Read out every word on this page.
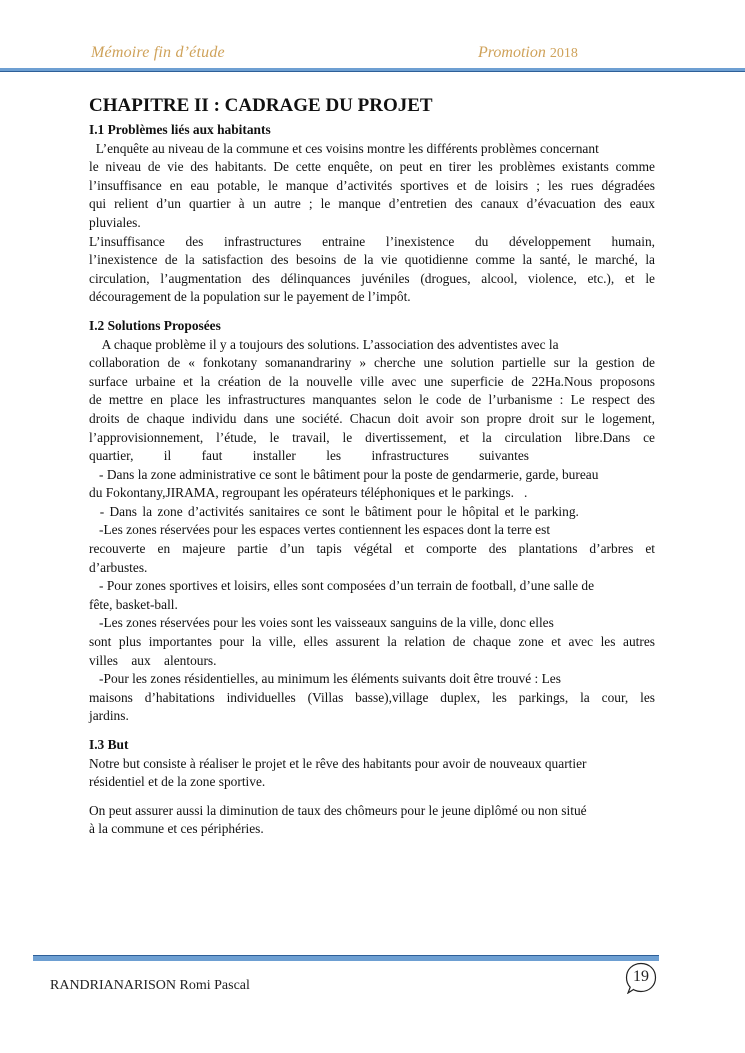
Mémoire fin d’étude	Promotion 2018
CHAPITRE II : CADRAGE DU PROJET
I.1 Problèmes liés aux habitants

L’enquête au niveau de la commune et ces voisins montre les différents problèmes concernant

le niveau de vie des habitants. De cette enquête, on peut en tirer les problèmes existants comme

l’insuffisance en eau potable, le manque d’activités sportives et de loisirs ; les rues dégradées

qui relient d’un quartier à un autre ; le manque d’entretien des canaux d’évacuation des eaux

pluviales.

L’insuffisance des infrastructures entraine l’inexistence du développement humain,

l’inexistence de la satisfaction des besoins de la vie quotidienne comme la santé, le marché, la

circulation, l’augmentation des délinquances juvéniles (drogues, alcool, violence, etc.), et le

découragement de la population sur le payement de l’impôt.

I.2 Solutions Proposées

A chaque problème il y a toujours des solutions. L’association des adventistes avec la

collaboration de « fonkotany somanandrariny » cherche une solution partielle sur la gestion de

surface urbaine et la création de la nouvelle ville avec une superficie de 22Ha.Nous proposons

de mettre en place les infrastructures manquantes selon le code de l’urbanisme : Le respect des

droits de chaque individu dans une société. Chacun doit avoir son propre droit sur le logement,

l’approvisionnement, l’étude, le travail, le divertissement, et la circulation libre.Dans ce

quartier, il faut installer les infrastructures suivantes

- Dans la zone administrative ce sont le bâtiment pour la poste de gendarmerie, garde, bureau

du Fokontany,JIRAMA, regroupant les opérateurs téléphoniques et le parkings.   .

- Dans la zone d’activités sanitaires ce sont le bâtiment pour le hôpital et le parking.

-Les zones réservées pour les espaces vertes contiennent les espaces dont la terre est

recouverte en majeure partie d’un tapis végétal et comporte des plantations d’arbres et

d’arbustes.

- Pour zones sportives et loisirs, elles sont composées d’un terrain de football, d’une salle de

fête, basket-ball.

-Les zones réservées pour les voies sont les vaisseaux sanguins de la ville, donc elles

sont plus importantes pour la ville, elles assurent la relation de chaque zone et avec les autres

villes aux alentours.

-Pour les zones résidentielles, au minimum les éléments suivants doit être trouvé : Les

maisons d’habitations individuelles (Villas basse),village duplex, les parkings, la cour, les

jardins.

I.3 But

Notre but consiste à réaliser le projet et le rêve des habitants pour avoir de nouveaux quartier

résidentiel et de la zone sportive.

On peut assurer aussi la diminution de taux des chômeurs pour le jeune diplômé ou non situé

à la commune et ces périphéries.

RANDRIANARISON Romi Pascal
19
